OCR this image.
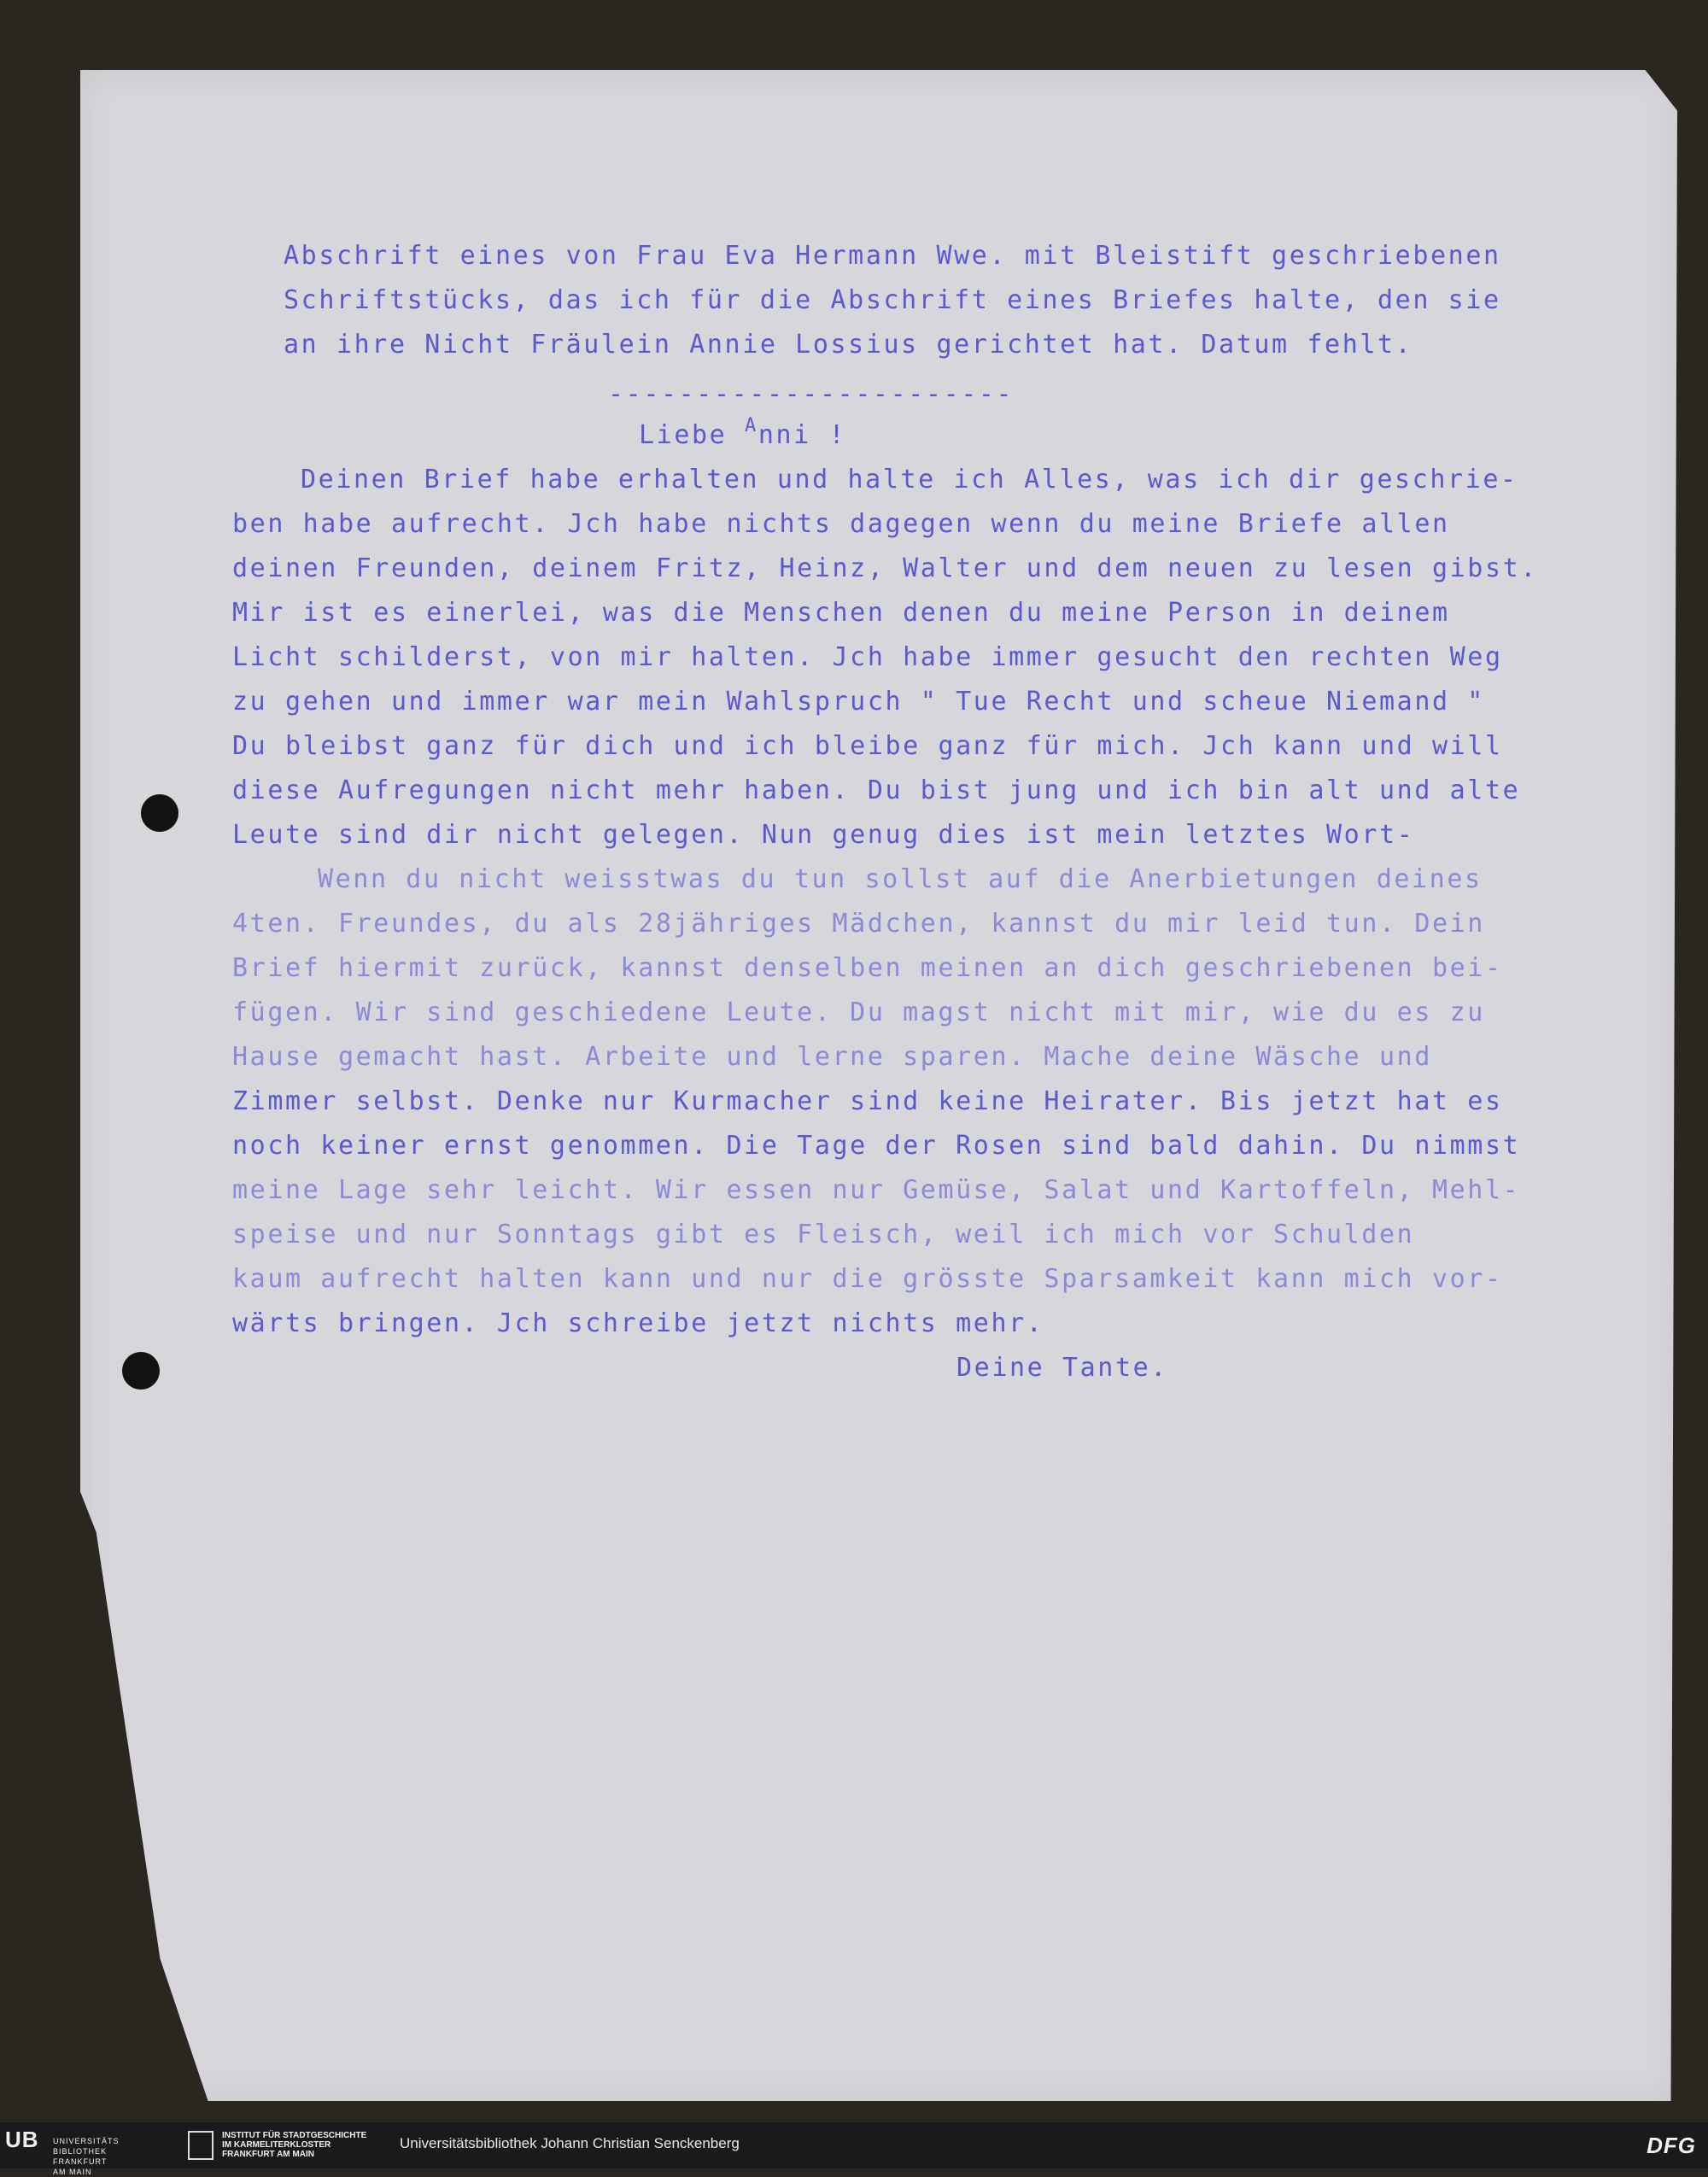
Abschrift eines von Frau Eva Hermann Wwe. mit Bleistift geschriebenen

Schriftstücks, das ich für die Abschrift eines Briefes halte, den sie

an ihre Nicht Fräulein Annie Lossius gerichtet hat. Datum fehlt.

-----------------------

Liebe $^A$nni !

Deinen Brief habe erhalten und halte ich Alles, was ich dir geschrie-

ben habe aufrecht. Jch habe nichts dagegen wenn du meine Briefe allen

deinen Freunden, deinem Fritz, Heinz, Walter und dem neuen zu lesen gibst.

Mir ist es einerlei, was die Menschen denen du meine Person in deinem

Licht schilderst, von mir halten. Jch habe immer gesucht den rechten Weg

zu gehen und immer war mein Wahlspruch " Tue Recht und scheue Niemand "

Du bleibst ganz für dich und ich bleibe ganz für mich. Jch kann und will

diese Aufregungen nicht mehr haben. Du bist jung und ich bin alt und alte

Leute sind dir nicht gelegen. Nun genug dies ist mein letztes Wort-

Wenn du nicht weisstwas du tun sollst auf die Anerbietungen deines

4ten. Freundes, du als 28jähriges Mädchen, kannst du mir leid tun. Dein

Brief hiermit zurück, kannst denselben meinen an dich geschriebenen bei-

fügen. Wir sind geschiedene Leute. Du magst nicht mit mir, wie du es zu

Hause gemacht hast. Arbeite und lerne sparen. Mache deine Wäsche und

Zimmer selbst. Denke nur Kurmacher sind keine Heirater. Bis jetzt hat es

noch keiner ernst genommen. Die Tage der Rosen sind bald dahin. Du nimmst

meine Lage sehr leicht. Wir essen nur Gemüse, Salat und Kartoffeln, Mehl-

speise und nur Sonntags gibt es Fleisch, weil ich mich vor Schulden

kaum aufrecht halten kann und nur die grösste Sparsamkeit kann mich vor-

wärts bringen. Jch schreibe jetzt nichts mehr.

Deine Tante.

UB UNIVERSITÄTS BIBLIOTHEK FRANKFURT AM MAIN
INSTITUT FÜR STADTGESCHICHTE IM KARMELITERKLOSTER FRANKFURT AM MAIN
Universitätsbibliothek Johann Christian Senckenberg	DFG
